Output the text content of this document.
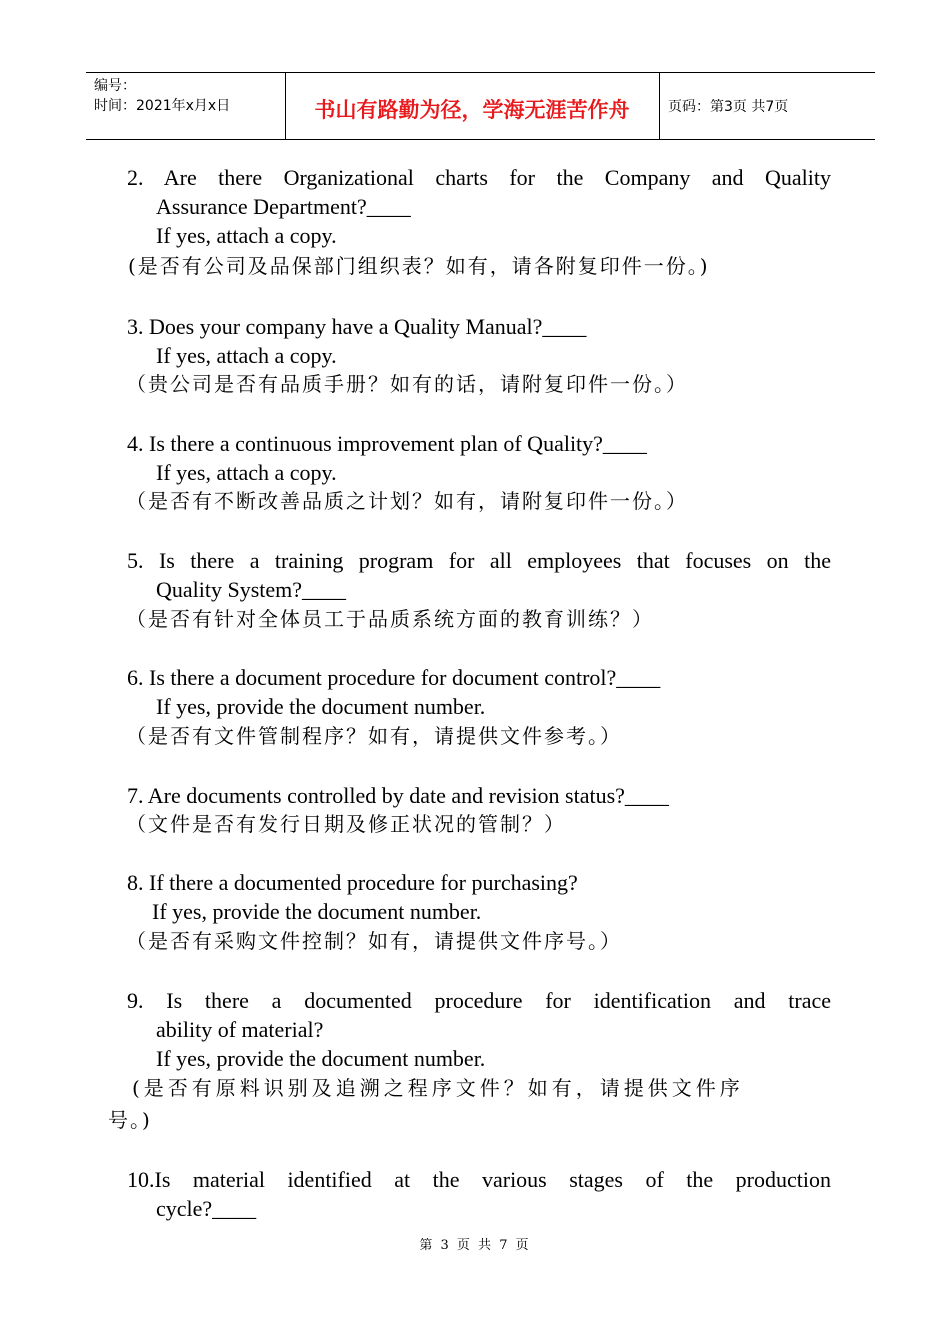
编号：
时间：2021年x月x日	书山有路勤为径，学海无涯苦作舟	页码：第3页 共7页
2. Are there Organizational charts for the Company and Quality
Assurance Department?____
If yes, attach a copy.
(是否有公司及品保部门组织表？如有，请各附复印件一份。)
3. Does your company have a Quality Manual?____
If yes, attach a copy.
（贵公司是否有品质手册？如有的话，请附复印件一份。）
4. Is there a continuous improvement plan of Quality?____
If yes, attach a copy.
（是否有不断改善品质之计划？如有，请附复印件一份。）
5. Is there a training program for all employees that focuses on the
Quality System?____
（是否有针对全体员工于品质系统方面的教育训练？）
6. Is there a document procedure for document control?____
If yes, provide the document number.
（是否有文件管制程序？如有，请提供文件参考。）
7. Are documents controlled by date and revision status?____
（文件是否有发行日期及修正状况的管制？）
8. If there a documented procedure for purchasing?
If yes, provide the document number.
（是否有采购文件控制？如有，请提供文件序号。）
9. Is there a documented procedure for identification and trace
ability of material?
If yes, provide the document number.
(是否有原料识别及追溯之程序文件？如有，请提供文件序
号。)
10.Is material identified at the various stages of the production
cycle?____
第 3 页 共 7 页
